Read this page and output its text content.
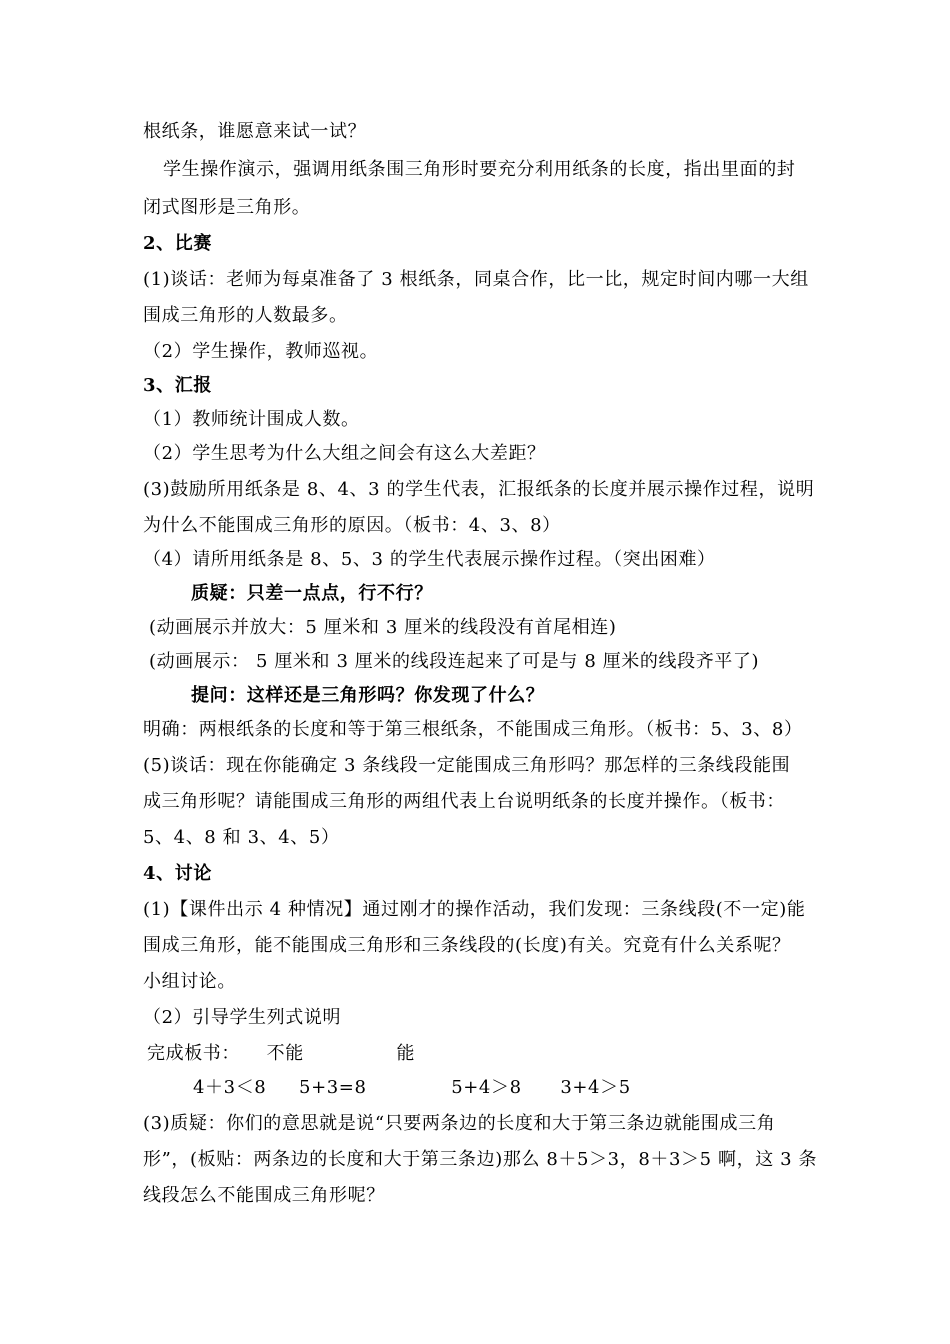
根纸条，谁愿意来试一试？
学生操作演示，强调用纸条围三角形时要充分利用纸条的长度，指出里面的封
闭式图形是三角形。
2、比赛
(1)谈话：老师为每桌准备了 3 根纸条，同桌合作，比一比，规定时间内哪一大组
围成三角形的人数最多。
（2）学生操作，教师巡视。
3、汇报
（1）教师统计围成人数。
（2）学生思考为什么大组之间会有这么大差距？
(3)鼓励所用纸条是 8、4、3 的学生代表，汇报纸条的长度并展示操作过程，说明
为什么不能围成三角形的原因。（板书：4、3、8）
（4）请所用纸条是 8、5、3 的学生代表展示操作过程。（突出困难）
质疑：只差一点点，行不行？
(动画展示并放大：5 厘米和 3 厘米的线段没有首尾相连)
(动画展示： 5 厘米和 3 厘米的线段连起来了可是与 8 厘米的线段齐平了)
提问：这样还是三角形吗？你发现了什么？
明确：两根纸条的长度和等于第三根纸条，不能围成三角形。（板书：5、3、8）
(5)谈话：现在你能确定 3 条线段一定能围成三角形吗？那怎样的三条线段能围
成三角形呢？请能围成三角形的两组代表上台说明纸条的长度并操作。（板书：
5、4、8 和 3、4、5）
4、讨论
(1)【课件出示 4 种情况】通过刚才的操作活动，我们发现：三条线段(不一定)能
围成三角形，能不能围成三角形和三条线段的(长度)有关。究竟有什么关系呢？
小组讨论。
（2）引导学生列式说明
完成板书： 不能	能
4＋3＜8 5+3=8	5+4＞8 3+4＞5
(3)质疑：你们的意思就是说“只要两条边的长度和大于第三条边就能围成三角
形”，(板贴：两条边的长度和大于第三条边)那么 8＋5＞3，8＋3＞5 啊，这 3 条
线段怎么不能围成三角形呢？
